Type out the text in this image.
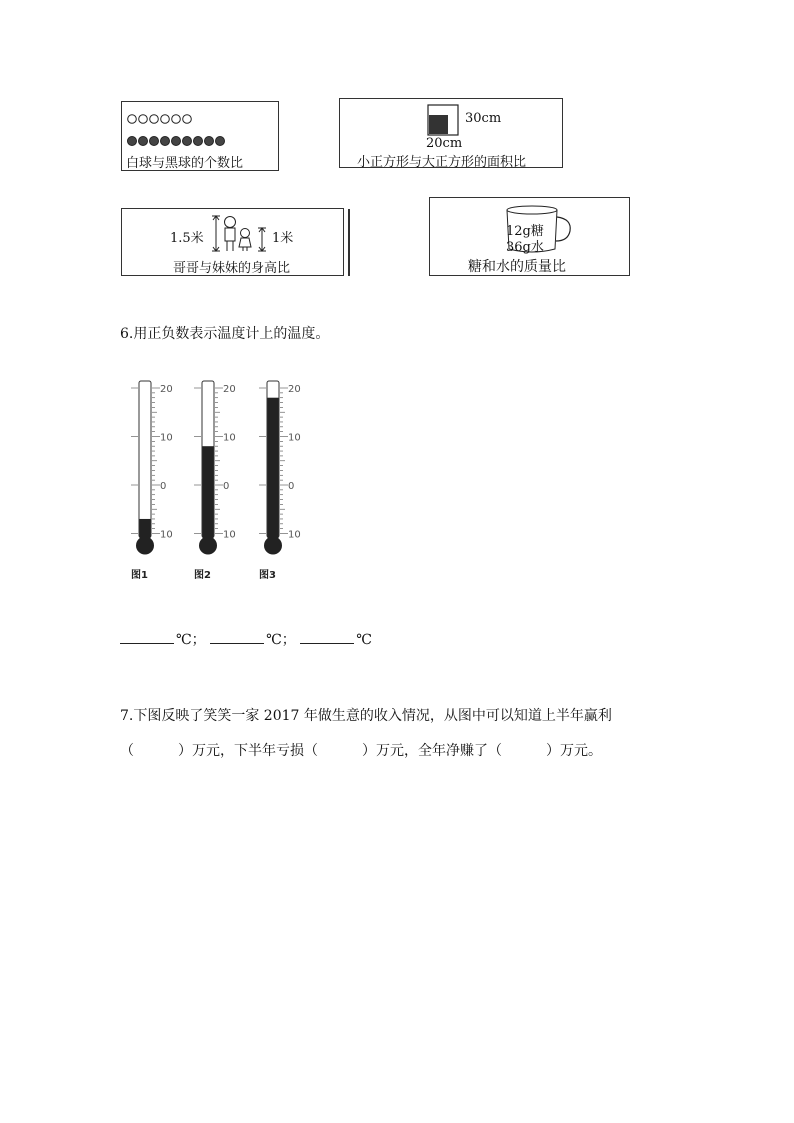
白球与黑球的个数比
30cm
20cm
小正方形与大正方形的面积比
1.5米	1米
哥哥与妹妹的身高比
12g糖
36g水
糖和水的质量比
6.用正负数表示温度计上的温度。
20
10
0
10
图1
20
10
0
10
图2
20
10
0
10
图3
℃；	℃；	℃
7.下图反映了笑笑一家 2017 年做生意的收入情况，从图中可以知道上半年赢利
（	）万元，下半年亏损（	）万元，全年净赚了（	）万元。
